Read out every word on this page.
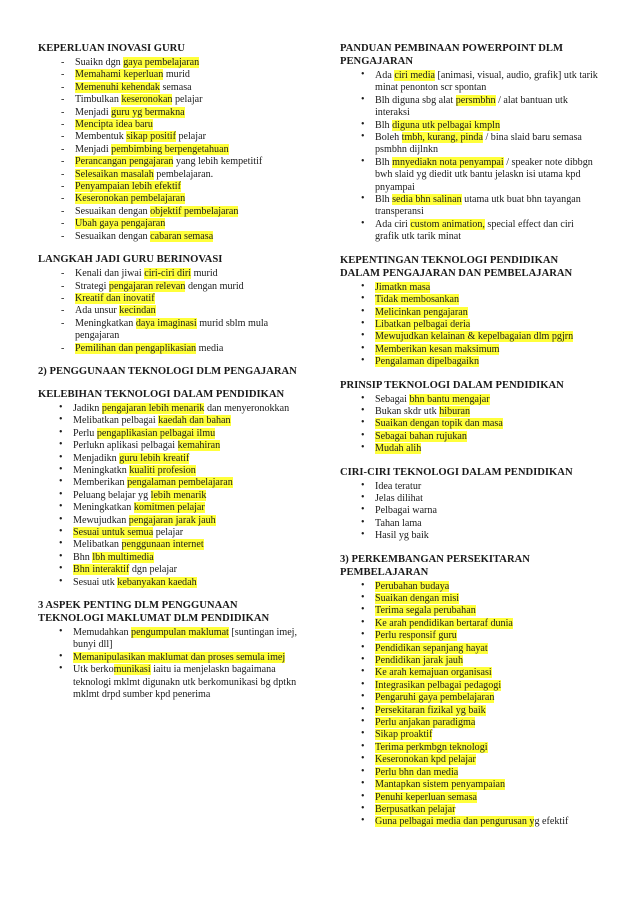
KEPERLUAN INOVASI GURU
- Suaikn dgn gaya pembelajaran
- Memahami keperluan murid
- Memenuhi kehendak semasa
- Timbulkan keseronokan pelajar
- Menjadi guru yg bermakna
- Mencipta idea baru
- Membentuk sikap positif pelajar
- Menjadi pembimbing berpengetahuan
- Perancangan pengajaran yang lebih kempetitif
- Selesaikan masalah pembelajaran.
- Penyampaian lebih efektif
- Keseronokan pembelajaran
- Sesuaikan dengan objektif pembelajaran
- Ubah gaya pengajaran
- Sesuaikan dengan cabaran semasa
LANGKAH JADI GURU BERINOVASI
- Kenali dan jiwai ciri-ciri diri murid
- Strategi pengajaran relevan dengan murid
- Kreatif dan inovatif
- Ada unsur kecindan
- Meningkatkan daya imaginasi murid sblm mula pengajaran
- Pemilihan dan pengaplikasian media
2) PENGGUNAAN TEKNOLOGI DLM PENGAJARAN
KELEBIHAN TEKNOLOGI DALAM PENDIDIKAN
• Jadikn pengajaran lebih menarik dan menyeronokkan
• Melibatkan pelbagai kaedah dan bahan
• Perlu pengaplikasian pelbagai ilmu
• Perlukn aplikasi pelbagai kemahiran
• Menjadikn guru lebih kreatif
• Meningkatkn kualiti profesion
• Memberikan pengalaman pembelajaran
• Peluang belajar yg lebih menarik
• Meningkatkan komitmen pelajar
• Mewujudkan pengajaran jarak jauh
• Sesuai untuk semua pelajar
• Melibatkan penggunaan internet
• Bhn lbh multimedia
• Bhn interaktif dgn pelajar
• Sesuai utk kebanyakan kaedah
3 ASPEK PENTING DLM PENGGUNAAN TEKNOLOGI MAKLUMAT DLM PENDIDIKAN
• Memudahkan pengumpulan maklumat [suntingan imej, bunyi dll]
• Memanipulasikan maklumat dan proses semula imej
• Utk berkomunikasi iaitu ia menjelaskn bagaimana teknologi mklmt digunakn utk berkomunikasi bg dptkn mklmt drpd sumber kpd penerima
PANDUAN PEMBINAAN POWERPOINT DLM PENGAJARAN
• Ada ciri media [animasi, visual, audio, grafik] utk tarik minat penonton scr spontan
• Blh diguna sbg alat persmbhn / alat bantuan utk interaksi
• Blh diguna utk pelbagai kmpln
• Boleh tmbh, kurang, pinda / bina slaid baru semasa psmbhn dijlnkn
• Blh mnyediakn nota penyampai / speaker note dibbgn bwh slaid yg diedit utk bantu jelaskn isi utama kpd pnyampai
• Blh sedia bhn salinan utama utk buat bhn tayangan transperansi
• Ada ciri custom animation, special effect dan ciri grafik utk tarik minat
KEPENTINGAN TEKNOLOGI PENDIDIKAN DALAM PENGAJARAN DAN PEMBELAJARAN
• Jimatkn masa
• Tidak membosankan
• Melicinkan pengajaran
• Libatkan pelbagai deria
• Mewujudkan kelainan & kepelbagaian dlm pgjrn
• Memberikan kesan maksimum
• Pengalaman dipelbagaikn
PRINSIP TEKNOLOGI DALAM PENDIDIKAN
• Sebagai bhn bantu mengajar
• Bukan skdr utk hiburan
• Suaikan dengan topik dan masa
• Sebagai bahan rujukan
• Mudah alih
CIRI-CIRI TEKNOLOGI DALAM PENDIDIKAN
• Idea teratur
• Jelas dilihat
• Pelbagai warna
• Tahan lama
• Hasil yg baik
3) PERKEMBANGAN PERSEKITARAN PEMBELAJARAN
• Perubahan budaya
• Suaikan dengan misi
• Terima segala perubahan
• Ke arah pendidikan bertaraf dunia
• Perlu responsif guru
• Pendidikan sepanjang hayat
• Pendidikan jarak jauh
• Ke arah kemajuan organisasi
• Integrasikan pelbagai pedagogi
• Pengaruhi gaya pembelajaran
• Persekitaran fizikal yg baik
• Perlu anjakan paradigma
• Sikap proaktif
• Terima perkmbgn teknologi
• Keseronokan kpd pelajar
• Perlu bhn dan media
• Mantapkan sistem penyampaian
• Penuhi keperluan semasa
• Berpusatkan pelajar
• Guna pelbagai media dan pengurusan yg efektif
